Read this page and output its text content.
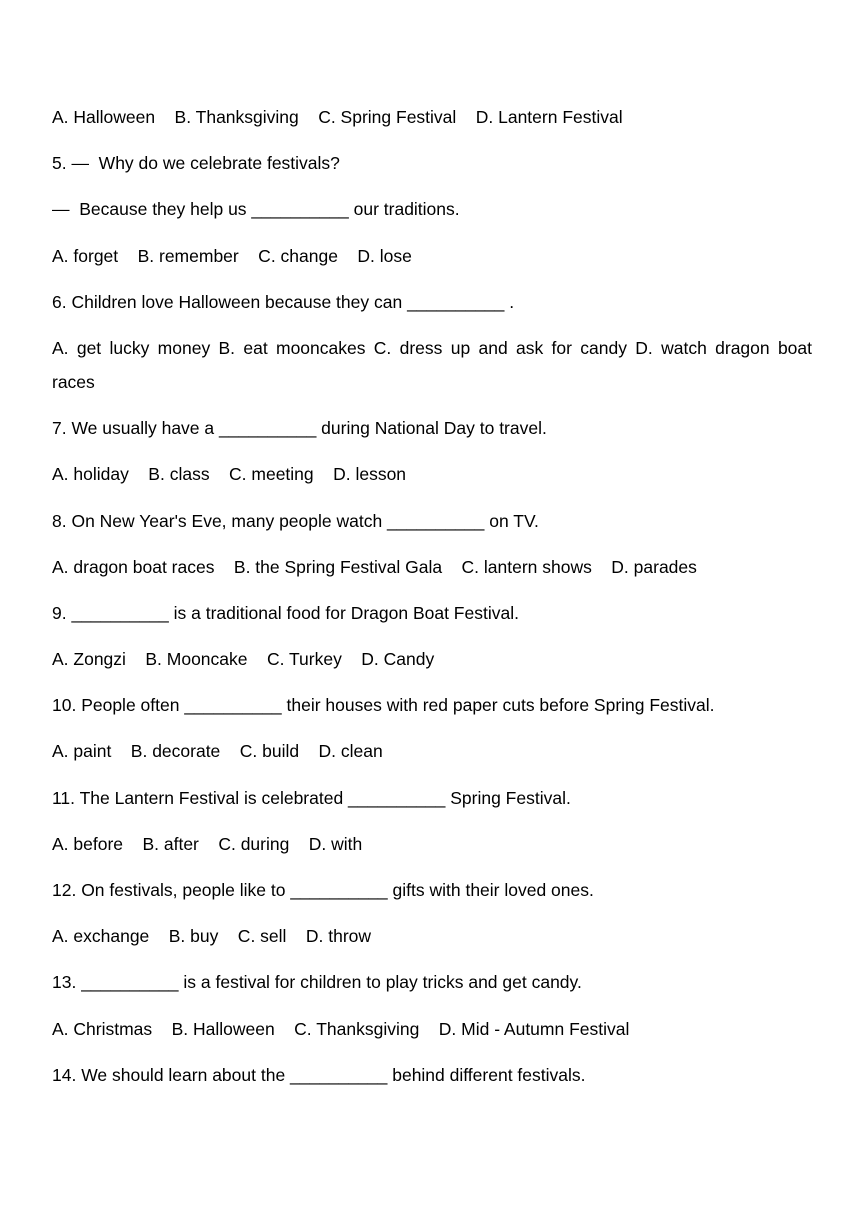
A. Halloween    B. Thanksgiving    C. Spring Festival    D. Lantern Festival
5. —  Why do we celebrate festivals?
—  Because they help us __________ our traditions.
A. forget    B. remember    C. change    D. lose
6. Children love Halloween because they can __________ .
A. get lucky money B. eat mooncakes C. dress up and ask for candy D. watch dragon boat races
7. We usually have a __________ during National Day to travel.
A. holiday    B. class    C. meeting    D. lesson
8. On New Year's Eve, many people watch __________ on TV.
A. dragon boat races    B. the Spring Festival Gala    C. lantern shows    D. parades
9. __________ is a traditional food for Dragon Boat Festival.
A. Zongzi    B. Mooncake    C. Turkey    D. Candy
10. People often __________ their houses with red paper cuts before Spring Festival.
A. paint    B. decorate    C. build    D. clean
11. The Lantern Festival is celebrated __________ Spring Festival.
A. before    B. after    C. during    D. with
12. On festivals, people like to __________ gifts with their loved ones.
A. exchange    B. buy    C. sell    D. throw
13. __________ is a festival for children to play tricks and get candy.
A. Christmas    B. Halloween    C. Thanksgiving    D. Mid - Autumn Festival
14. We should learn about the __________ behind different festivals.
